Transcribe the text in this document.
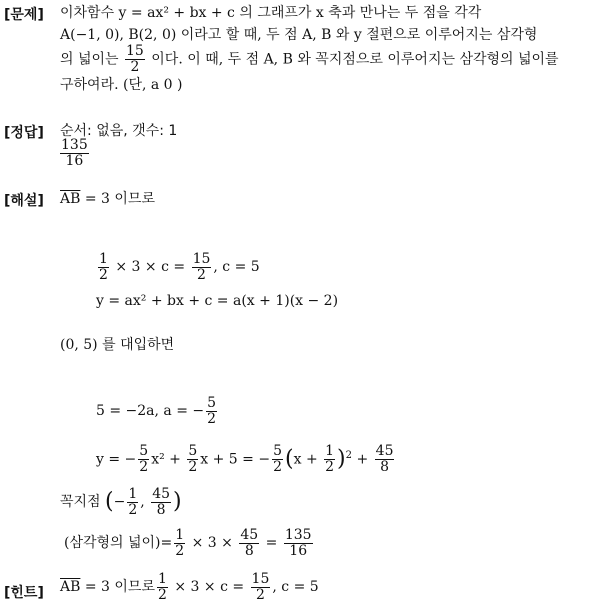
[문제] 이차함수 y = ax² + bx + c 의 그래프가 x 축과 만나는 두 점을 각각
A(−1, 0), B(2, 0) 이라고 할 때, 두 점 A, B 와 y 절편으로 이루어지는 삼각형
의 넓이는 $\frac{15}{2}$ 이다. 이 때, 두 점 A, B 와 꼭지점으로 이루어지는 삼각형의 넓이를
구하여라. (단, a 0 )
[정답] 순서: 없음, 갯수: 1
$\frac{135}{16}$
[해설] $\overline{AB} = 3$ 이므로
$\frac{1}{2} \times 3 \times c = \frac{15}{2}$ , c = 5
y = ax² + bx + c = a(x + 1)(x − 2)
(0, 5) 를 대입하면
5 = −2a, a = − $\frac{5}{2}$
y = − $\frac{5}{2} x^2 + \frac{5}{2}$ x + 5 = − $\frac{5}{2} (x + \frac{1}{2} )^2 + \frac{45}{8}$
꼭지점 (− $\frac{1}{2}$ , $\frac{45}{8}$ )
(삼각형의 넓이)= $\frac{1}{2} \times 3 \times \frac{45}{8} = \frac{135}{16}$
[힌트] $\overline{AB} = 3$ 이므로 $\frac{1}{2} \times 3 \times c = \frac{15}{2}$ , c = 5
